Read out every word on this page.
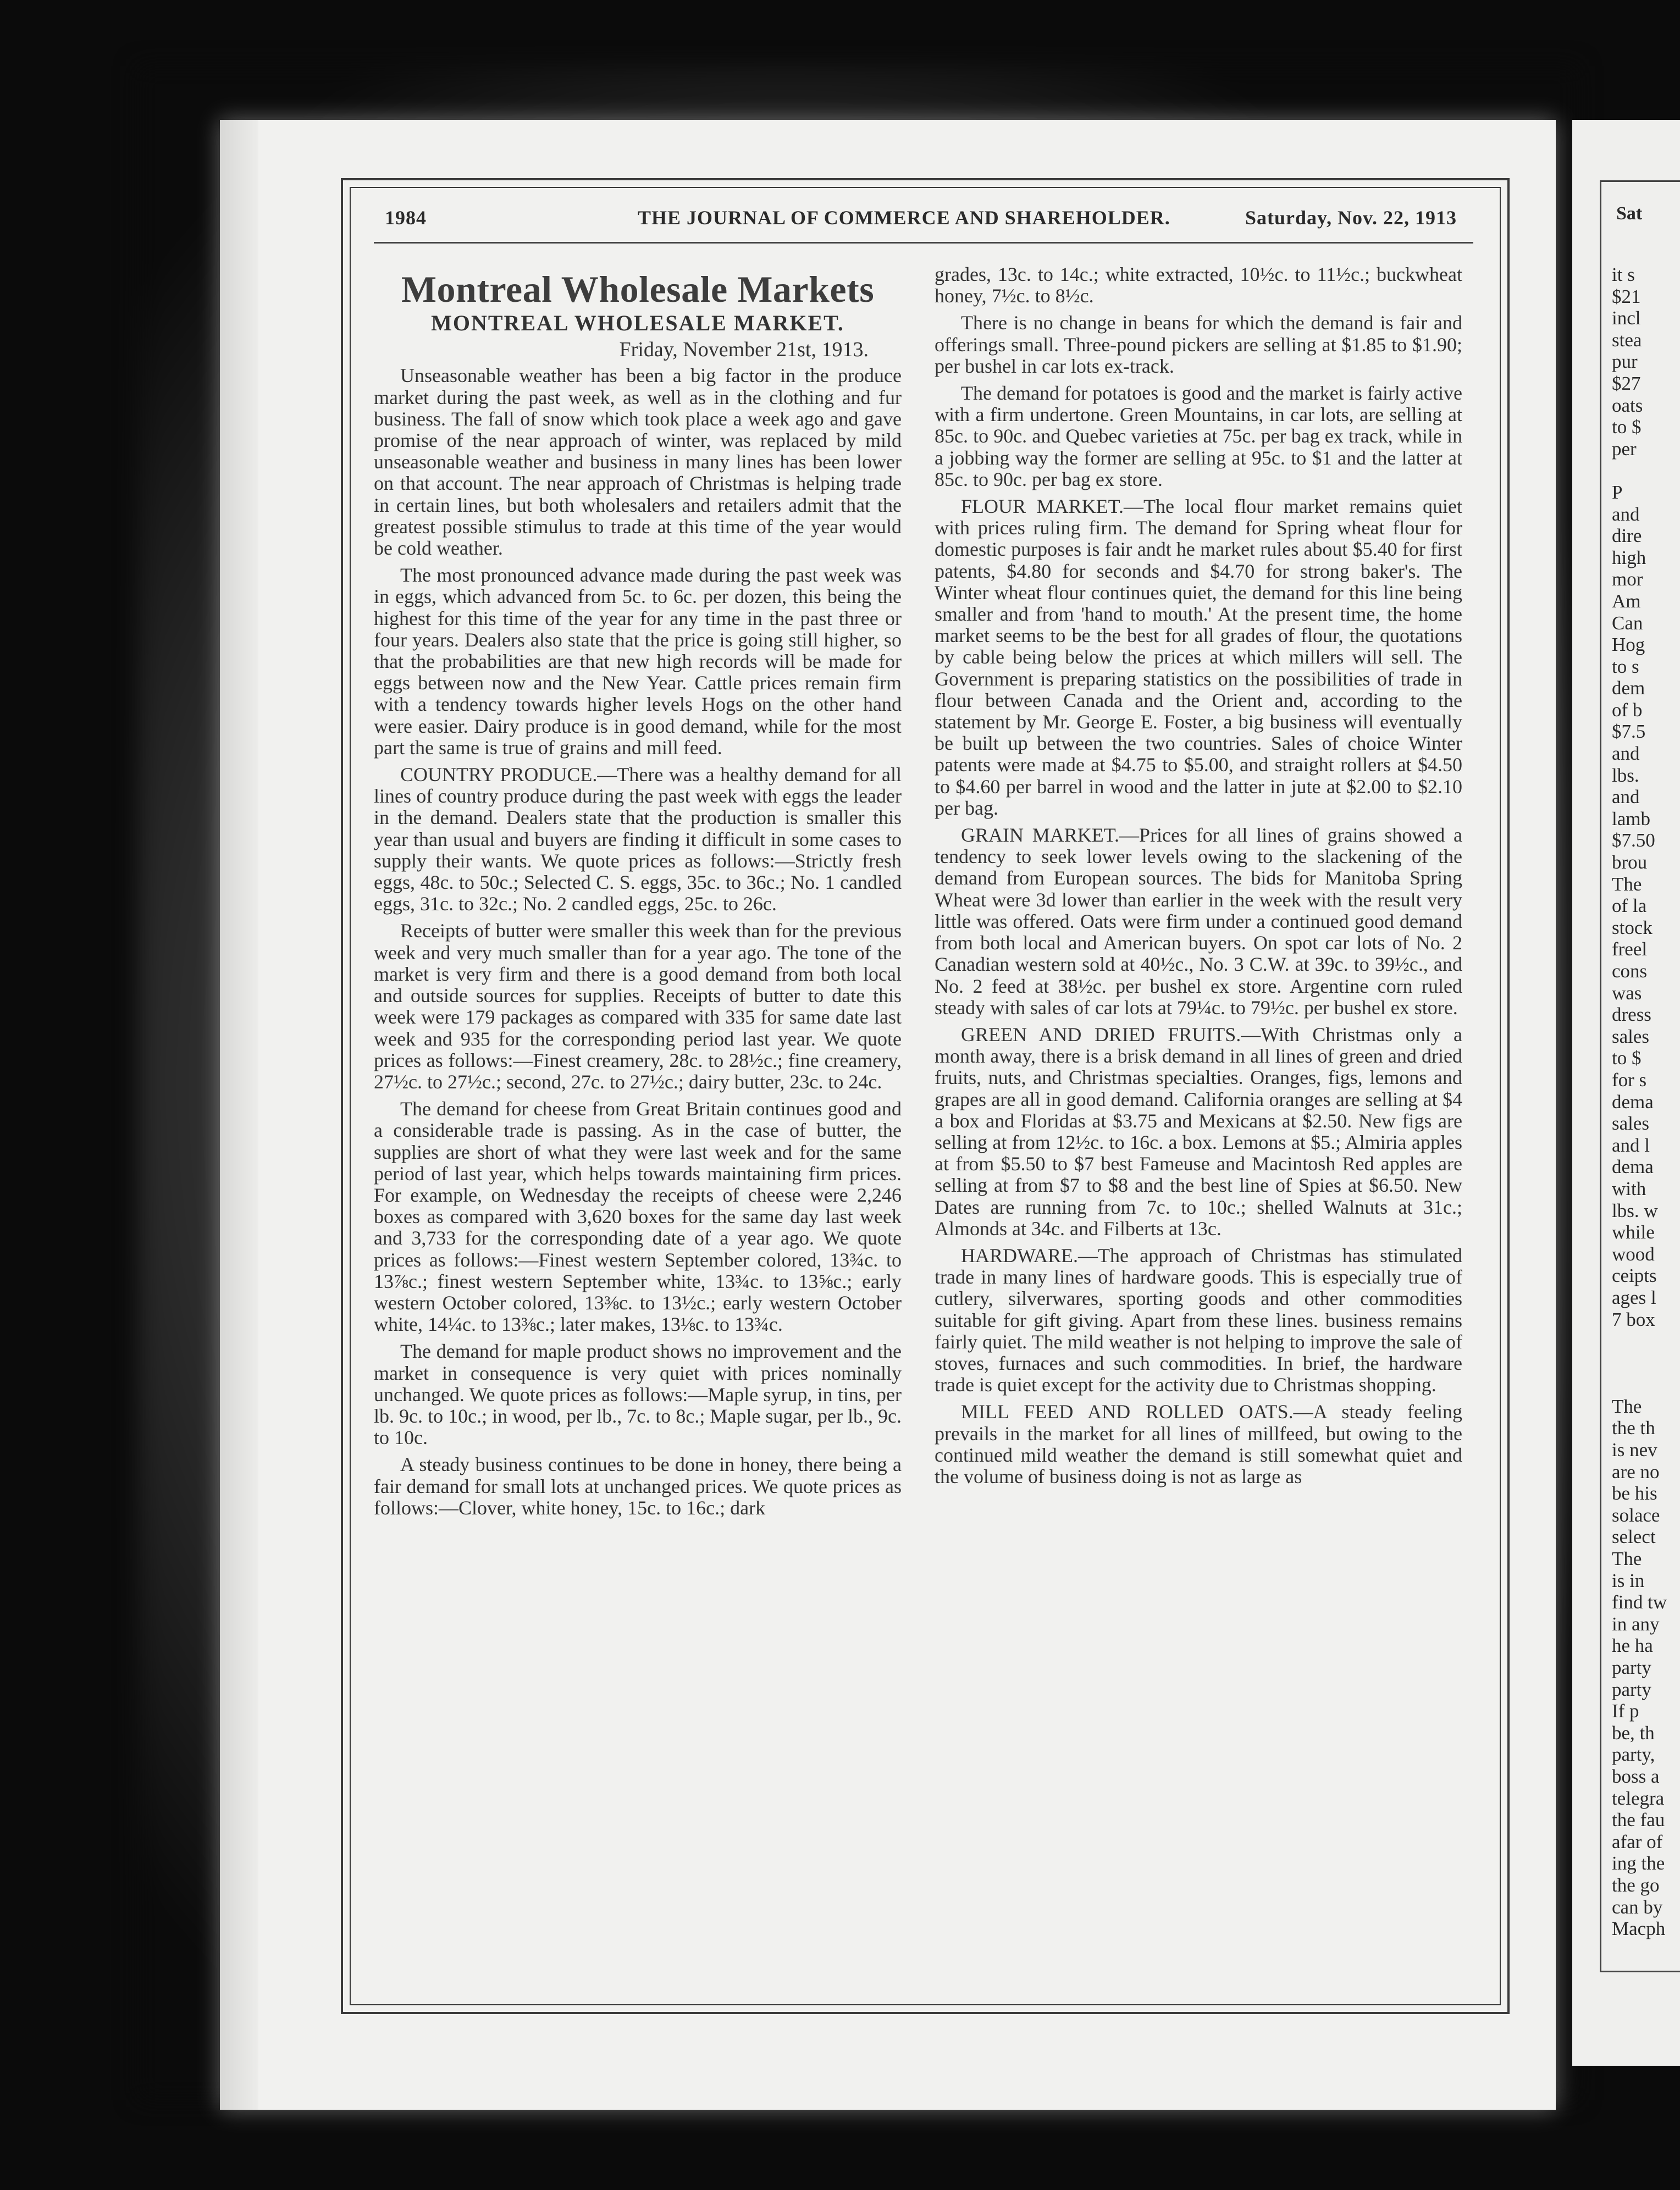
Sat
it s
$21
incl
stea
pur
$27
oats
to $
per
P
and
dire
high
mor
Am
Can
Hog
to s
dem
of b
$7.5
and
lbs.
and
lamb
$7.50
brou
The
of la
stock
freel
cons
was
dress
sales
to $
for s
dema
sales
and l
dema
with
lbs. w
while
wood
ceipts
ages l
7 box
The
the th
is nev
are no
be his
solace
select
The
is in
find tw
in any
he ha
party
party
If p
be, th
party,
boss a
telegra
the fau
afar of
ing the
the go
can by
Macph
1984	THE JOURNAL OF COMMERCE AND SHAREHOLDER.	Saturday, Nov. 22, 1913
Montreal Wholesale Markets
MONTREAL WHOLESALE MARKET.
Friday, November 21st, 1913.

Unseasonable weather has been a big factor in the produce market during the past week, as well as in the clothing and fur business. The fall of snow which took place a week ago and gave promise of the near approach of winter, was replaced by mild unseasonable weather and business in many lines has been lower on that account. The near approach of Christmas is helping trade in certain lines, but both wholesalers and retailers admit that the greatest possible stimulus to trade at this time of the year would be cold weather.

The most pronounced advance made during the past week was in eggs, which advanced from 5c. to 6c. per dozen, this being the highest for this time of the year for any time in the past three or four years. Dealers also state that the price is going still higher, so that the probabilities are that new high records will be made for eggs between now and the New Year. Cattle prices remain firm with a tendency towards higher levels Hogs on the other hand were easier. Dairy produce is in good demand, while for the most part the same is true of grains and mill feed.

COUNTRY PRODUCE.—There was a healthy demand for all lines of country produce during the past week with eggs the leader in the demand. Dealers state that the production is smaller this year than usual and buyers are finding it difficult in some cases to supply their wants. We quote prices as follows:—Strictly fresh eggs, 48c. to 50c.; Selected C. S. eggs, 35c. to 36c.; No. 1 candled eggs, 31c. to 32c.; No. 2 candled eggs, 25c. to 26c.

Receipts of butter were smaller this week than for the previous week and very much smaller than for a year ago. The tone of the market is very firm and there is a good demand from both local and outside sources for supplies. Receipts of butter to date this week were 179 packages as compared with 335 for same date last week and 935 for the corresponding period last year. We quote prices as follows:—Finest creamery, 28c. to 28½c.; fine creamery, 27½c. to 27½c.; second, 27c. to 27½c.; dairy butter, 23c. to 24c.

The demand for cheese from Great Britain continues good and a considerable trade is passing. As in the case of butter, the supplies are short of what they were last week and for the same period of last year, which helps towards maintaining firm prices. For example, on Wednesday the receipts of cheese were 2,246 boxes as compared with 3,620 boxes for the same day last week and 3,733 for the corresponding date of a year ago. We quote prices as follows:—Finest western September colored, 13¾c. to 13⅞c.; finest western September white, 13¾c. to 13⅝c.; early western October colored, 13⅜c. to 13½c.; early western October white, 14¼c. to 13⅜c.; later makes, 13⅛c. to 13¾c.

The demand for maple product shows no improvement and the market in consequence is very quiet with prices nominally unchanged. We quote prices as follows:—Maple syrup, in tins, per lb. 9c. to 10c.; in wood, per lb., 7c. to 8c.; Maple sugar, per lb., 9c. to 10c.

A steady business continues to be done in honey, there being a fair demand for small lots at unchanged prices. We quote prices as follows:—Clover, white honey, 15c. to 16c.; dark

grades, 13c. to 14c.; white extracted, 10½c. to 11½c.; buckwheat honey, 7½c. to 8½c.

There is no change in beans for which the demand is fair and offerings small. Three-pound pickers are selling at $1.85 to $1.90; per bushel in car lots ex-track.

The demand for potatoes is good and the market is fairly active with a firm undertone. Green Mountains, in car lots, are selling at 85c. to 90c. and Quebec varieties at 75c. per bag ex track, while in a jobbing way the former are selling at 95c. to $1 and the latter at 85c. to 90c. per bag ex store.

FLOUR MARKET.—The local flour market remains quiet with prices ruling firm. The demand for Spring wheat flour for domestic purposes is fair andt he market rules about $5.40 for first patents, $4.80 for seconds and $4.70 for strong baker's. The Winter wheat flour continues quiet, the demand for this line being smaller and from 'hand to mouth.' At the present time, the home market seems to be the best for all grades of flour, the quotations by cable being below the prices at which millers will sell. The Government is preparing statistics on the possibilities of trade in flour between Canada and the Orient and, according to the statement by Mr. George E. Foster, a big business will eventually be built up between the two countries. Sales of choice Winter patents were made at $4.75 to $5.00, and straight rollers at $4.50 to $4.60 per barrel in wood and the latter in jute at $2.00 to $2.10 per bag.

GRAIN MARKET.—Prices for all lines of grains showed a tendency to seek lower levels owing to the slackening of the demand from European sources. The bids for Manitoba Spring Wheat were 3d lower than earlier in the week with the result very little was offered. Oats were firm under a continued good demand from both local and American buyers. On spot car lots of No. 2 Canadian western sold at 40½c., No. 3 C.W. at 39c. to 39½c., and No. 2 feed at 38½c. per bushel ex store. Argentine corn ruled steady with sales of car lots at 79¼c. to 79½c. per bushel ex store.

GREEN AND DRIED FRUITS.—With Christmas only a month away, there is a brisk demand in all lines of green and dried fruits, nuts, and Christmas specialties. Oranges, figs, lemons and grapes are all in good demand. California oranges are selling at $4 a box and Floridas at $3.75 and Mexicans at $2.50. New figs are selling at from 12½c. to 16c. a box. Lemons at $5.; Almiria apples at from $5.50 to $7 best Fameuse and Macintosh Red apples are selling at from $7 to $8 and the best line of Spies at $6.50. New Dates are running from 7c. to 10c.; shelled Walnuts at 31c.; Almonds at 34c. and Filberts at 13c.

HARDWARE.—The approach of Christmas has stimulated trade in many lines of hardware goods. This is especially true of cutlery, silverwares, sporting goods and other commodities suitable for gift giving. Apart from these lines. business remains fairly quiet. The mild weather is not helping to improve the sale of stoves, furnaces and such commodities. In brief, the hardware trade is quiet except for the activity due to Christmas shopping.

MILL FEED AND ROLLED OATS.—A steady feeling prevails in the market for all lines of millfeed, but owing to the continued mild weather the demand is still somewhat quiet and the volume of business doing is not as large as
